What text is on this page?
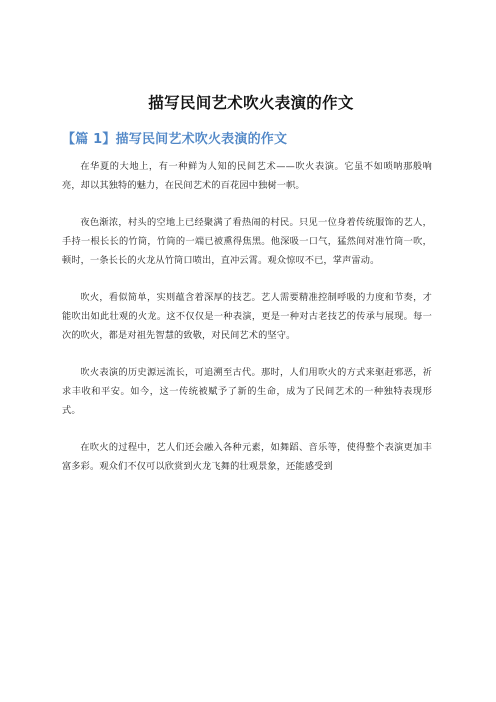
描写民间艺术吹火表演的作文
【篇 1】描写民间艺术吹火表演的作文

在华夏的大地上，有一种鲜为人知的民间艺术——吹火表演。它虽不如唢呐那般响亮，却以其独特的魅力，在民间艺术的百花园中独树一帜。

夜色渐浓，村头的空地上已经聚满了看热闹的村民。只见一位身着传统服饰的艺人，手持一根长长的竹筒，竹筒的一端已被熏得焦黑。他深吸一口气，猛然间对准竹筒一吹，顿时，一条长长的火龙从竹筒口喷出，直冲云霄。观众惊叹不已，掌声雷动。

吹火，看似简单，实则蕴含着深厚的技艺。艺人需要精准控制呼吸的力度和节奏，才能吹出如此壮观的火龙。这不仅仅是一种表演，更是一种对古老技艺的传承与展现。每一次的吹火，都是对祖先智慧的致敬，对民间艺术的坚守。

吹火表演的历史源远流长，可追溯至古代。那时，人们用吹火的方式来驱赶邪恶，祈求丰收和平安。如今，这一传统被赋予了新的生命，成为了民间艺术的一种独特表现形式。

在吹火的过程中，艺人们还会融入各种元素，如舞蹈、音乐等，使得整个表演更加丰富多彩。观众们不仅可以欣赏到火龙飞舞的壮观景象，还能感受到
